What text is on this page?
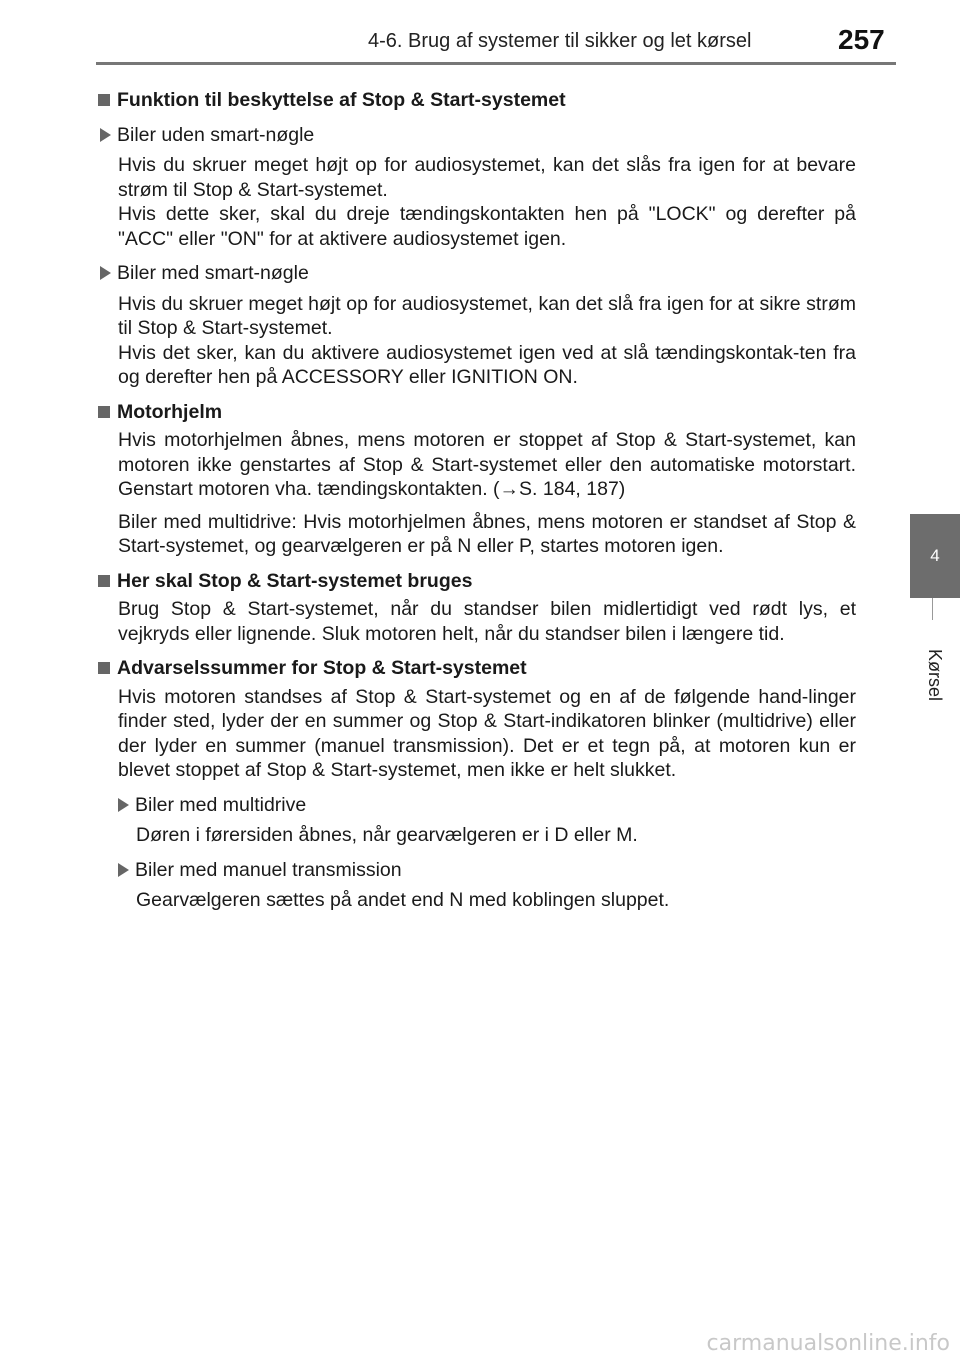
4-6. Brug af systemer til sikker og let kørsel	257
4
Kørsel
Funktion til beskyttelse af Stop & Start-systemet
Biler uden smart-nøgle

Hvis du skruer meget højt op for audiosystemet, kan det slås fra igen for at bevare strøm til Stop & Start-systemet.

Hvis dette sker, skal du dreje tændingskontakten hen på "LOCK" og derefter på "ACC" eller "ON" for at aktivere audiosystemet igen.

Biler med smart-nøgle

Hvis du skruer meget højt op for audiosystemet, kan det slå fra igen for at sikre strøm til Stop & Start-systemet.

Hvis det sker, kan du aktivere audiosystemet igen ved at slå tændingskontak-ten fra og derefter hen på ACCESSORY eller IGNITION ON.

Motorhjelm

Hvis motorhjelmen åbnes, mens motoren er stoppet af Stop & Start-systemet, kan motoren ikke genstartes af Stop & Start-systemet eller den automatiske motorstart. Genstart motoren vha. tændingskontakten. (→S. 184, 187)

Biler med multidrive: Hvis motorhjelmen åbnes, mens motoren er standset af Stop & Start-systemet, og gearvælgeren er på N eller P, startes motoren igen.

Her skal Stop & Start-systemet bruges

Brug Stop & Start-systemet, når du standser bilen midlertidigt ved rødt lys, et vejkryds eller lignende. Sluk motoren helt, når du standser bilen i længere tid.

Advarselssummer for Stop & Start-systemet

Hvis motoren standses af Stop & Start-systemet og en af de følgende hand-linger finder sted, lyder der en summer og Stop & Start-indikatoren blinker (multidrive) eller der lyder en summer (manuel transmission). Det er et tegn på, at motoren kun er blevet stoppet af Stop & Start-systemet, men ikke er helt slukket.

Biler med multidrive

Døren i førersiden åbnes, når gearvælgeren er i D eller M.

Biler med manuel transmission

Gearvælgeren sættes på andet end N med koblingen sluppet.

carmanualsonline.info
